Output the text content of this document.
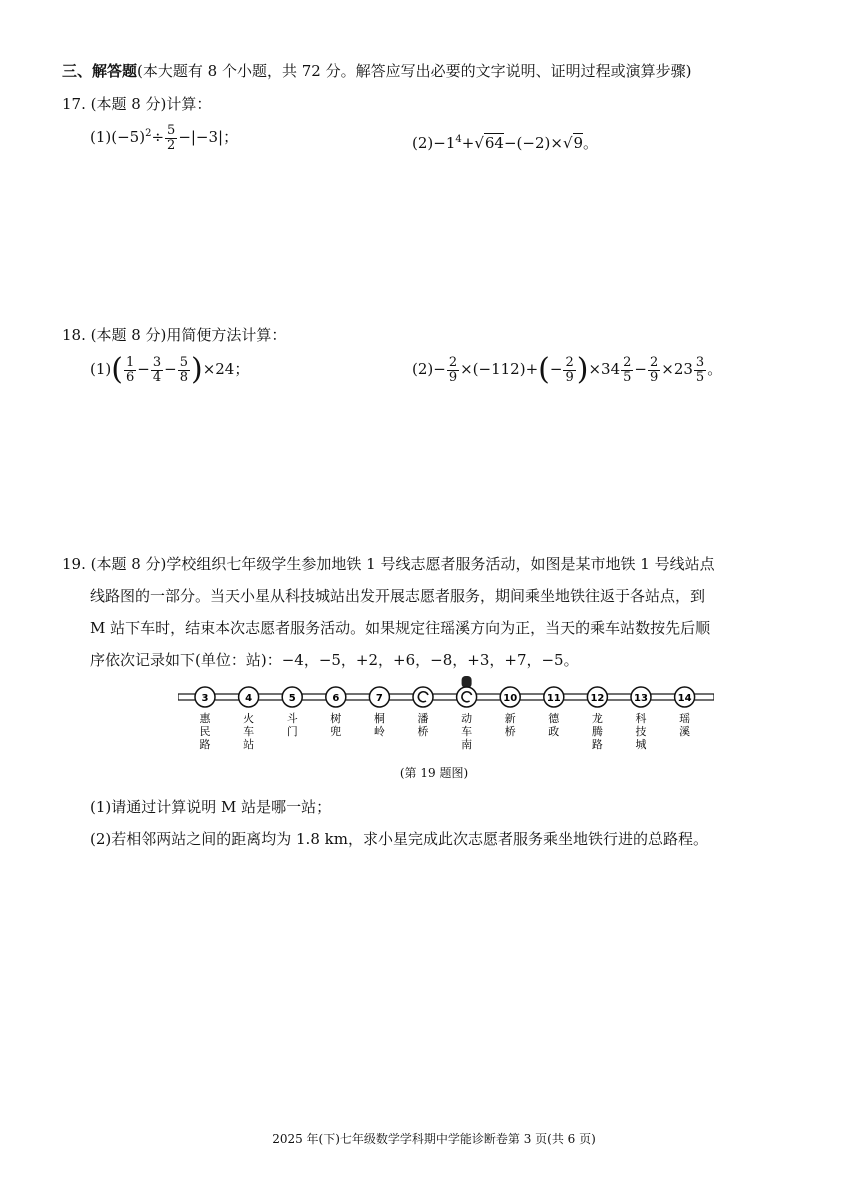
三、解答题(本大题有 8 个小题，共 72 分。解答应写出必要的文字说明、证明过程或演算步骤)
17. (本题 8 分)计算：
$(1)(-5)^2\div \frac{5}{2} -|-3|$；	$(2)-1^4+√64-(-2)\times√9$。
18. (本题 8 分)用简便方法计算：
$(1)( \frac{1}{6} - \frac{3}{4} - \frac{5}{8} )\times 24$；	$(2)- \frac{2}{9} \times(-112)+(- \frac{2}{9} )\times 34 \frac{2}{5} - \frac{2}{9} \times 23 \frac{3}{5}$ 。
19. (本题 8 分)学校组织七年级学生参加地铁 1 号线志愿者服务活动，如图是某市地铁 1 号线站点
线路图的一部分。当天小星从科技城站出发开展志愿者服务，期间乘坐地铁往返于各站点，到
M 站下车时，结束本次志愿者服务活动。如果规定往瑶溪方向为正，当天的乘车站数按先后顺
序依次记录如下(单位：站)：−4，−5，+2，+6，−8，+3，+7，−5。
3
惠
民
路
4
火
车
站
5
斗
门
6
树
兜
7
桐
岭
潘
桥
动
车
南
10
新
桥
11
德
政
12
龙
腾
路
13
科
技
城
14
瑶
溪
(第 19 题图)
(1)请通过计算说明 M 站是哪一站；
(2)若相邻两站之间的距离均为 1.8 km，求小星完成此次志愿者服务乘坐地铁行进的总路程。
2025 年(下)七年级数学学科期中学能诊断卷第 3 页(共 6 页)
